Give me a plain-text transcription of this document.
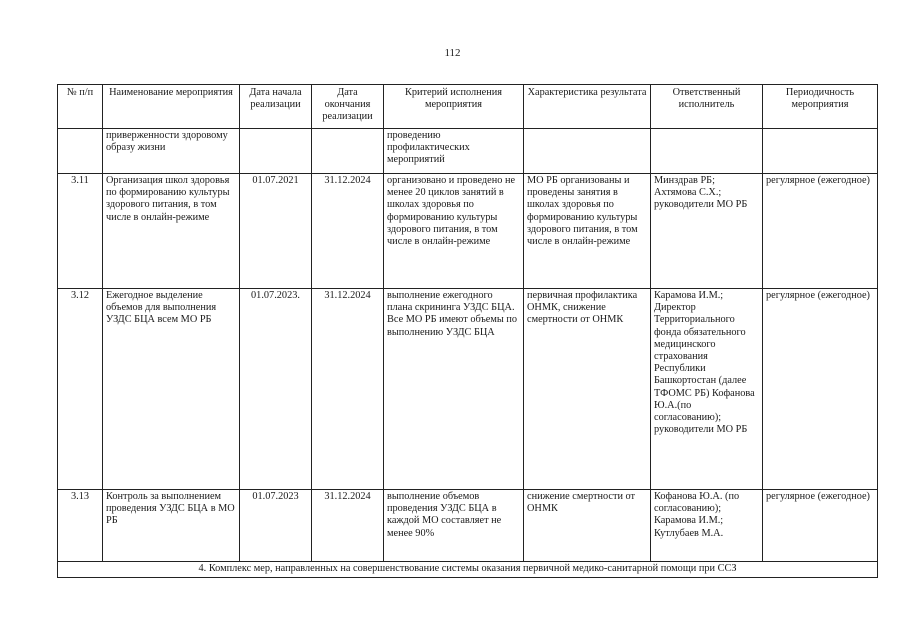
112
№ п/п	Наименование мероприятия	Дата начала реализации	Дата окончания реализации	Критерий исполнения мероприятия	Характеристика результата	Ответственный исполнитель	Периодичность мероприятия
	приверженности здоровому образу жизни			проведению профилактических мероприятий			
3.11	Организация школ здоровья по формированию культуры здорового питания, в том числе в онлайн-режиме	01.07.2021	31.12.2024	организовано и проведено не менее 20 циклов занятий в школах здоровья по формированию культуры здорового питания, в том числе в онлайн-режиме	МО РБ организованы и проведены занятия в школах здоровья по формированию культуры здорового питания, в том числе в онлайн-режиме	Минздрав РБ; Ахтямова С.Х.; руководители МО РБ	регулярное (ежегодное)
3.12	Ежегодное выделение объемов для выполнения УЗДС БЦА всем МО РБ	01.07.2023.	31.12.2024	выполнение ежегодного плана скрининга УЗДС БЦА. Все МО РБ имеют объемы по выполнению УЗДС БЦА	первичная профилактика ОНМК, снижение смертности от ОНМК	Карамова И.М.; Директор Территориального фонда обязательного медицинского страхования Республики Башкортостан (далее ТФОМС РБ) Кофанова Ю.А.(по согласованию); руководители МО РБ	регулярное (ежегодное)
3.13	Контроль за выполнением проведения УЗДС БЦА в МО РБ	01.07.2023	31.12.2024	выполнение объемов проведения УЗДС БЦА в каждой МО составляет не менее 90%	снижение смертности от ОНМК	Кофанова Ю.А. (по согласованию); Карамова И.М.; Кутлубаев М.А.	регулярное (ежегодное)
4. Комплекс мер, направленных на совершенствование системы оказания первичной медико-санитарной помощи при ССЗ							
